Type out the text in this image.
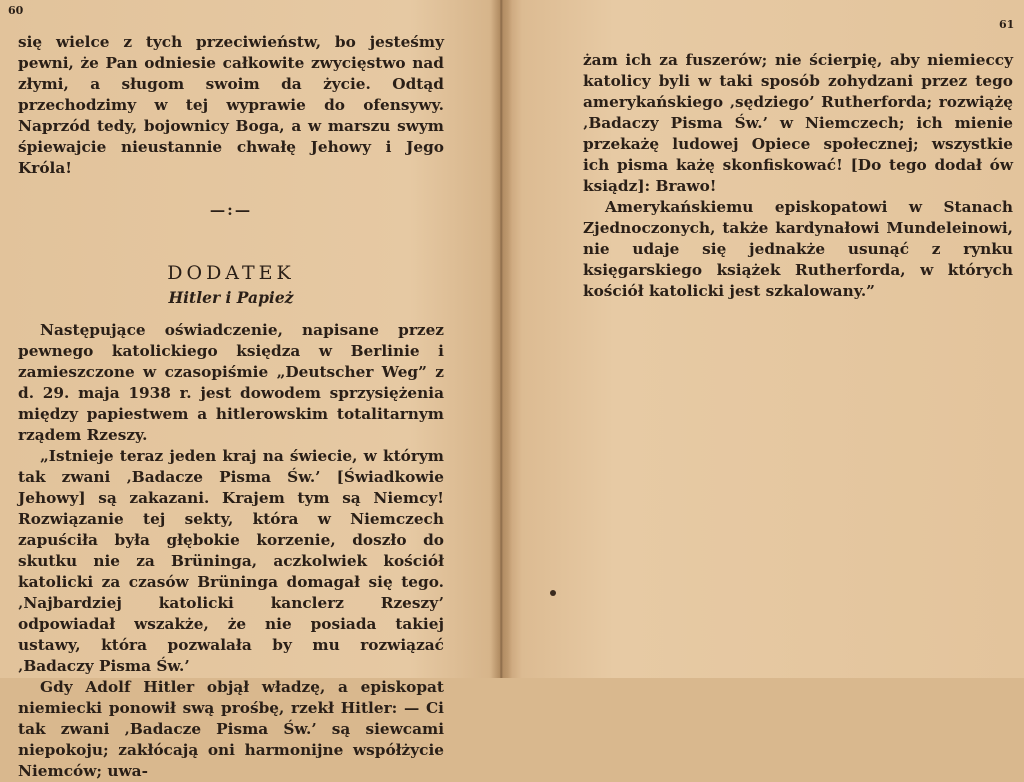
60

się wielce z tych przeciwieństw, bo jesteśmy pewni, że Pan odniesie całkowite zwycięstwo nad złymi, a sługom swoim da życie. Odtąd przechodzimy w tej wyprawie do ofensywy. Naprzód tedy, bojownicy Boga, a w marszu swym śpiewajcie nieustannie chwałę Jehowy i Jego Króla!

—:—
DODATEK
Hitler i Papież

Następujące oświadczenie, napisane przez pewnego katolickiego księdza w Berlinie i zamieszczone w czasopiśmie „Deutscher Weg” z d. 29. maja 1938 r. jest dowodem sprzysiężenia między papiestwem a hitlerowskim totalitarnym rządem Rzeszy.

„Istnieje teraz jeden kraj na świecie, w którym tak zwani ‚Badacze Pisma Św.’ [Świadkowie Jehowy] są zakazani. Krajem tym są Niemcy! Rozwiązanie tej sekty, która w Niemczech zapuściła była głębokie korzenie, doszło do skutku nie za Brüninga, aczkolwiek kościół katolicki za czasów Brüninga domagał się tego. ‚Najbardziej katolicki kanclerz Rzeszy’ odpowiadał wszakże, że nie posiada takiej ustawy, która pozwalała by mu rozwiązać ‚Badaczy Pisma Św.’

Gdy Adolf Hitler objął władzę, a episkopat niemiecki ponowił swą prośbę, rzekł Hitler: — Ci tak zwani ‚Badacze Pisma Św.’ są siewcami niepokoju; zakłócają oni harmonijne współżycie Niemców; uwa-

61

żam ich za fuszerów; nie ścierpię, aby niemieccy katolicy byli w taki sposób zohydzani przez tego amerykańskiego ‚sędziego’ Rutherforda; rozwiążę ‚Badaczy Pisma Św.’ w Niemczech; ich mienie przekażę ludowej Opiece społecznej; wszystkie ich pisma każę skonfiskować! [Do tego dodał ów ksiądz]: Brawo!

Amerykańskiemu episkopatowi w Stanach Zjednoczonych, także kardynałowi Mundeleinowi, nie udaje się jednakże usunąć z rynku księgarskiego książek Rutherforda, w których kościół katolicki jest szkalowany.”
